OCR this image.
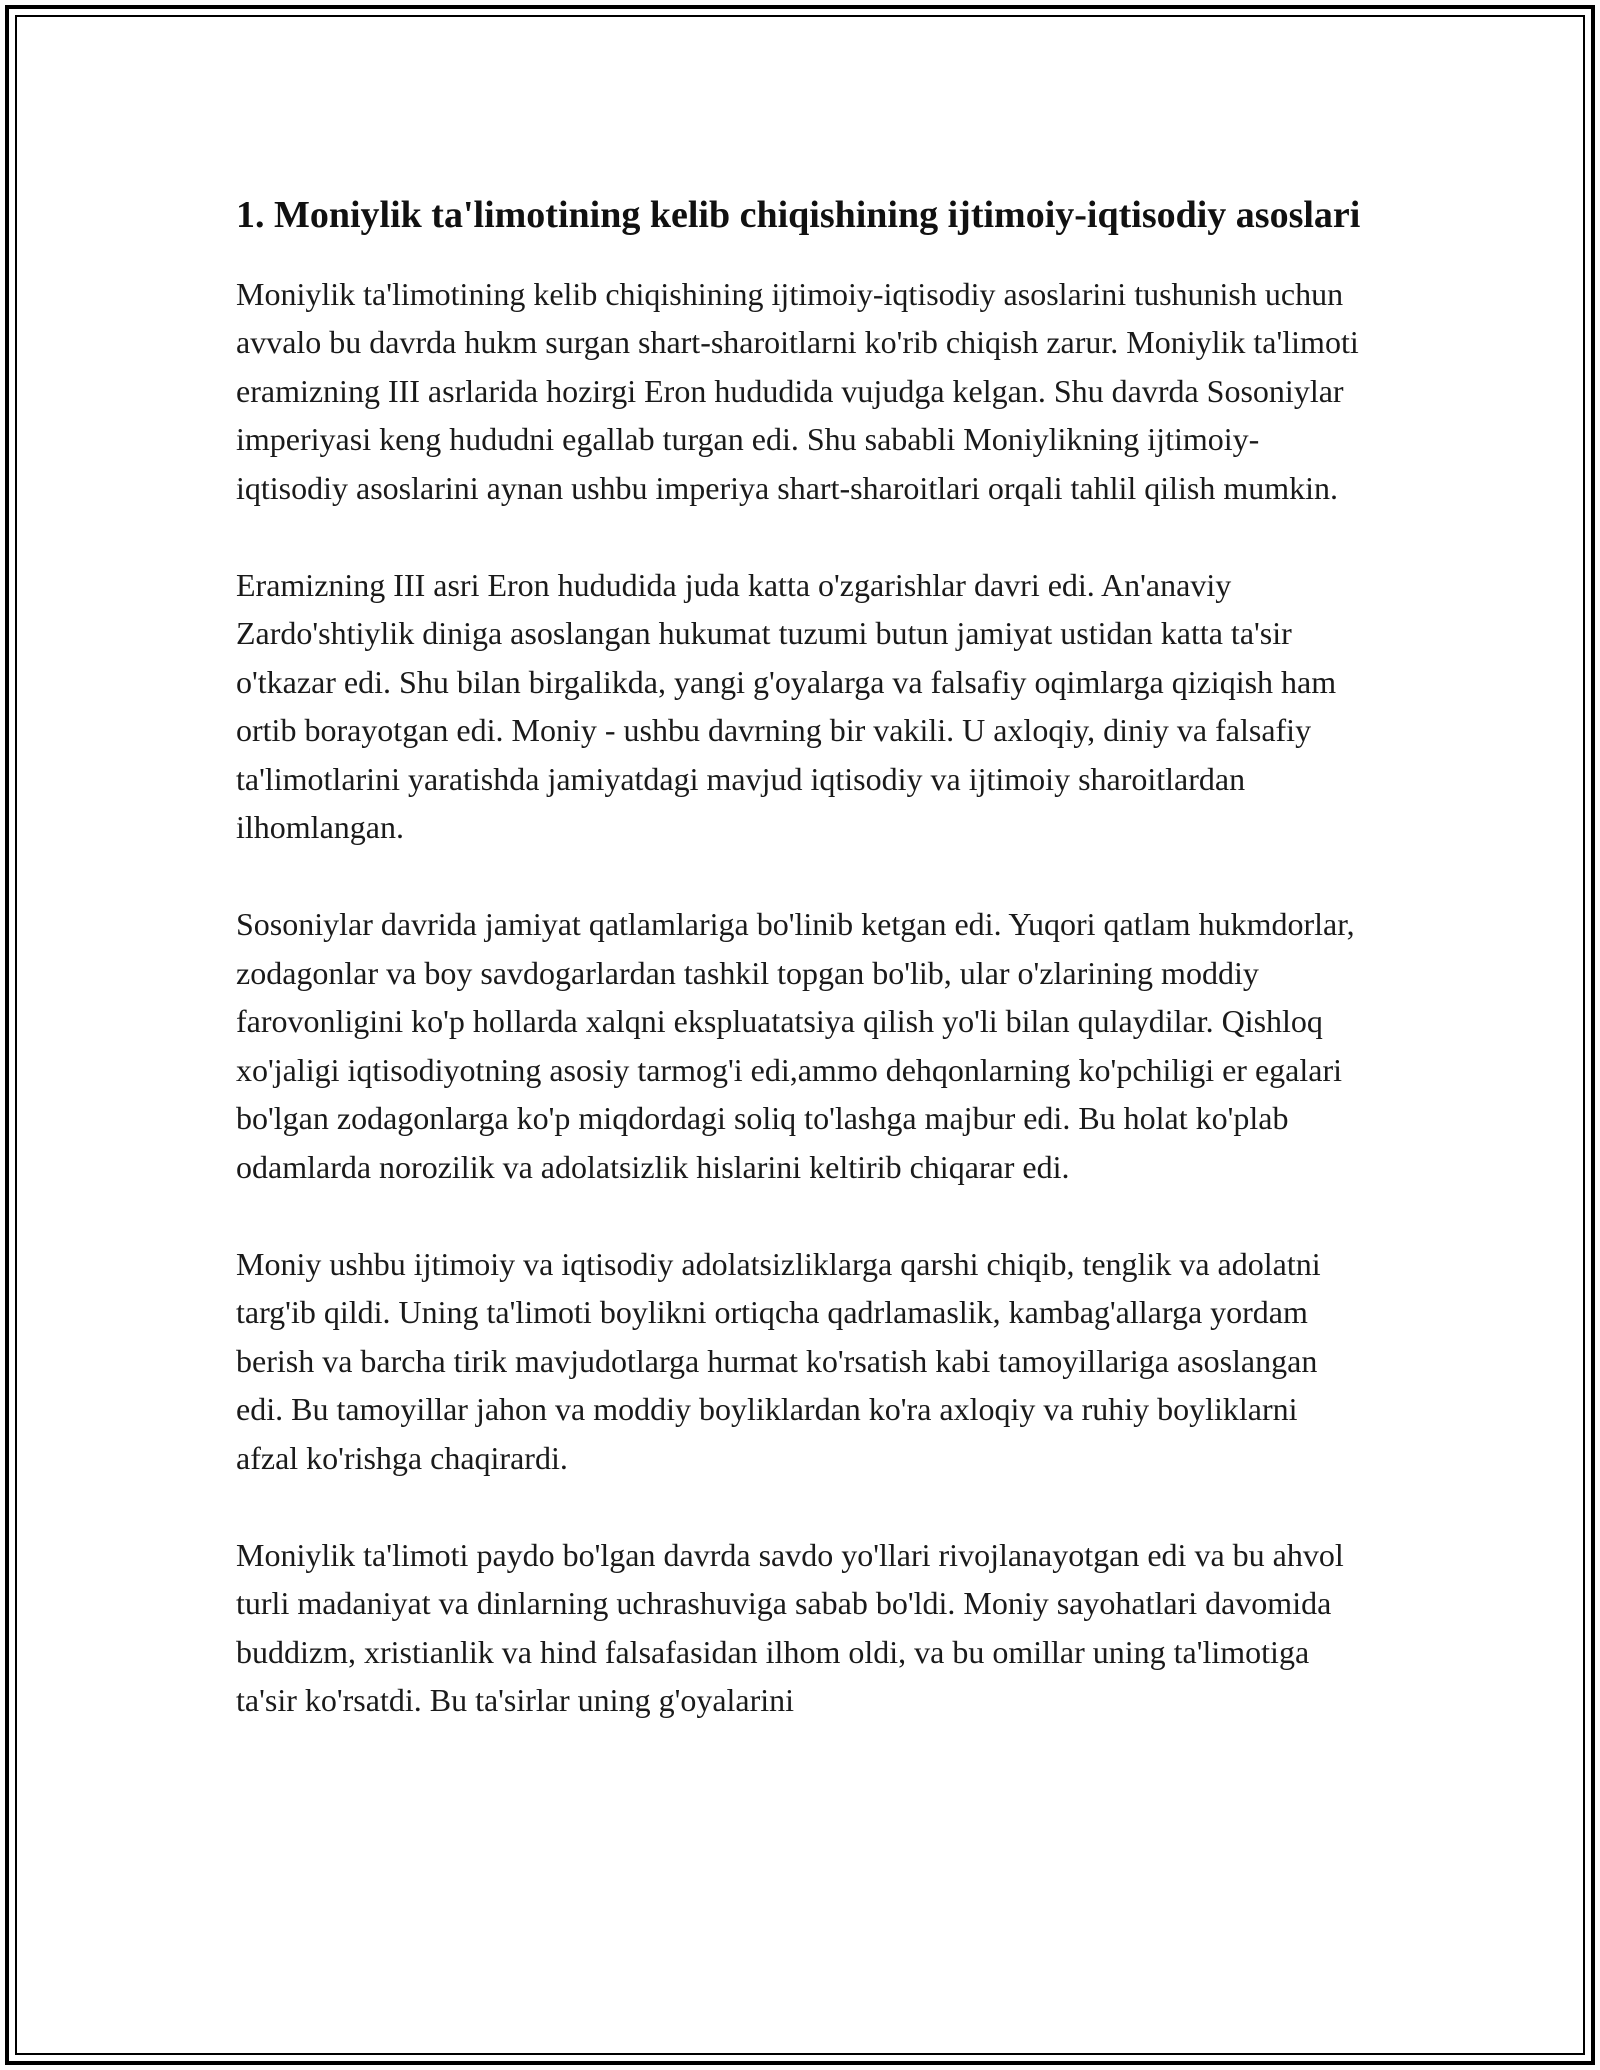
1. Moniylik ta'limotining kelib chiqishining ijtimoiy-iqtisodiy asoslari

Moniylik ta'limotining kelib chiqishining ijtimoiy-iqtisodiy asoslarini tushunish uchun avvalo bu davrda hukm surgan shart-sharoitlarni ko'rib chiqish zarur. Moniylik ta'limoti eramizning III asrlarida hozirgi Eron hududida vujudga kelgan. Shu davrda Sosoniylar imperiyasi keng hududni egallab turgan edi. Shu sababli Moniylikning ijtimoiy-iqtisodiy asoslarini aynan ushbu imperiya shart-sharoitlari orqali tahlil qilish mumkin.

Eramizning III asri Eron hududida juda katta o'zgarishlar davri edi. An'anaviy Zardo'shtiylik diniga asoslangan hukumat tuzumi butun jamiyat ustidan katta ta'sir o'tkazar edi. Shu bilan birgalikda, yangi g'oyalarga va falsafiy oqimlarga qiziqish ham ortib borayotgan edi. Moniy - ushbu davrning bir vakili. U axloqiy, diniy va falsafiy ta'limotlarini yaratishda jamiyatdagi mavjud iqtisodiy va ijtimoiy sharoitlardan ilhomlangan.

Sosoniylar davrida jamiyat qatlamlariga bo'linib ketgan edi. Yuqori qatlam hukmdorlar, zodagonlar va boy savdogarlardan tashkil topgan bo'lib, ular o'zlarining moddiy farovonligini ko'p hollarda xalqni ekspluatatsiya qilish yo'li bilan qulaydilar. Qishloq xo'jaligi iqtisodiyotning asosiy tarmog'i edi,ammo dehqonlarning ko'pchiligi er egalari bo'lgan zodagonlarga ko'p miqdordagi soliq to'lashga majbur edi. Bu holat ko'plab odamlarda norozilik va adolatsizlik hislarini keltirib chiqarar edi.

Moniy ushbu ijtimoiy va iqtisodiy adolatsizliklarga qarshi chiqib, tenglik va adolatni targ'ib qildi. Uning ta'limoti boylikni ortiqcha qadrlamaslik, kambag'allarga yordam berish va barcha tirik mavjudotlarga hurmat ko'rsatish kabi tamoyillariga asoslangan edi. Bu tamoyillar jahon va moddiy boyliklardan ko'ra axloqiy va ruhiy boyliklarni afzal ko'rishga chaqirardi.

Moniylik ta'limoti paydo bo'lgan davrda savdo yo'llari rivojlanayotgan edi va bu ahvol turli madaniyat va dinlarning uchrashuviga sabab bo'ldi. Moniy sayohatlari davomida buddizm, xristianlik va hind falsafasidan ilhom oldi, va bu omillar uning ta'limotiga ta'sir ko'rsatdi. Bu ta'sirlar uning g'oyalarini
